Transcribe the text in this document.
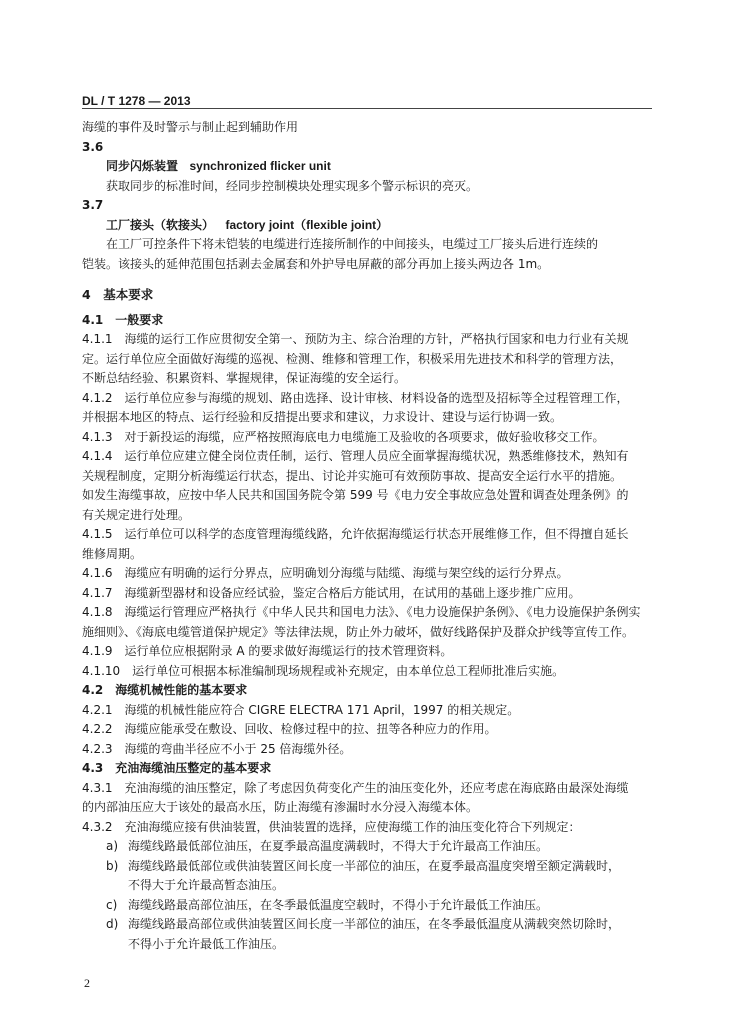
DL / T 1278 — 2013
海缆的事件及时警示与制止起到辅助作用
3.6
同步闪烁装置 synchronized flicker unit
获取同步的标准时间，经同步控制模块处理实现多个警示标识的亮灭。
3.7
工厂接头（软接头） factory joint（flexible joint）
在工厂可控条件下将未铠装的电缆进行连接所制作的中间接头，电缆过工厂接头后进行连续的
铠装。该接头的延伸范围包括剥去金属套和外护导电屏蔽的部分再加上接头两边各 1m。
4　基本要求
4.1　一般要求
4.1.1　海缆的运行工作应贯彻安全第一、预防为主、综合治理的方针，严格执行国家和电力行业有关规
定。运行单位应全面做好海缆的巡视、检测、维修和管理工作，积极采用先进技术和科学的管理方法，
不断总结经验、积累资料、掌握规律，保证海缆的安全运行。
4.1.2　运行单位应参与海缆的规划、路由选择、设计审核、材料设备的选型及招标等全过程管理工作，
并根据本地区的特点、运行经验和反措提出要求和建议，力求设计、建设与运行协调一致。
4.1.3　对于新投运的海缆，应严格按照海底电力电缆施工及验收的各项要求，做好验收移交工作。
4.1.4　运行单位应建立健全岗位责任制，运行、管理人员应全面掌握海缆状况，熟悉维修技术，熟知有
关规程制度，定期分析海缆运行状态，提出、讨论并实施可有效预防事故、提高安全运行水平的措施。
如发生海缆事故，应按中华人民共和国国务院令第 599 号《电力安全事故应急处置和调查处理条例》的
有关规定进行处理。
4.1.5　运行单位可以科学的态度管理海缆线路，允许依据海缆运行状态开展维修工作，但不得擅自延长
维修周期。
4.1.6　海缆应有明确的运行分界点，应明确划分海缆与陆缆、海缆与架空线的运行分界点。
4.1.7　海缆新型器材和设备应经试验，鉴定合格后方能试用，在试用的基础上逐步推广应用。
4.1.8　海缆运行管理应严格执行《中华人民共和国电力法》、《电力设施保护条例》、《电力设施保护条例实
施细则》、《海底电缆管道保护规定》等法律法规，防止外力破坏，做好线路保护及群众护线等宣传工作。
4.1.9　运行单位应根据附录 A 的要求做好海缆运行的技术管理资料。
4.1.10　运行单位可根据本标准编制现场规程或补充规定，由本单位总工程师批准后实施。
4.2　海缆机械性能的基本要求
4.2.1　海缆的机械性能应符合 CIGRE ELECTRA 171 April，1997 的相关规定。
4.2.2　海缆应能承受在敷设、回收、检修过程中的拉、扭等各种应力的作用。
4.2.3　海缆的弯曲半径应不小于 25 倍海缆外径。
4.3　充油海缆油压整定的基本要求
4.3.1　充油海缆的油压整定，除了考虑因负荷变化产生的油压变化外，还应考虑在海底路由最深处海缆
的内部油压应大于该处的最高水压，防止海缆有渗漏时水分浸入海缆本体。
4.3.2　充油海缆应接有供油装置，供油装置的选择，应使海缆工作的油压变化符合下列规定：
a) 海缆线路最低部位油压，在夏季最高温度满载时，不得大于允许最高工作油压。
b) 海缆线路最低部位或供油装置区间长度一半部位的油压，在夏季最高温度突增至额定满载时，
不得大于允许最高暂态油压。
c) 海缆线路最高部位油压，在冬季最低温度空载时，不得小于允许最低工作油压。
d) 海缆线路最高部位或供油装置区间长度一半部位的油压，在冬季最低温度从满载突然切除时，
不得小于允许最低工作油压。
2
